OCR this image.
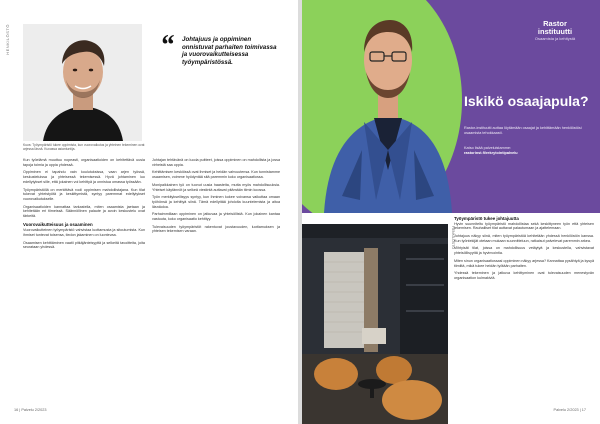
HENKILÖSTÖ	“ Johtajuus ja oppiminen onnistuvat parhaiten toimivassa ja vuorovaikutteisessa työympäristössä.
Kuva: Työympäristö tukee oppimista, kun vuorovaikutus ja yhteinen tekeminen ovat arjessa läsnä. Kuvassa asiantuntija.

Kun työelämä muuttuu nopeasti, organisaatioiden on kehitettävä uusia tapoja toimia ja oppia yhdessä.

Oppiminen ei tapahdu vain koulutuksissa, vaan arjen työssä, keskusteluissa ja yhteisessä tekemisessä. Hyvä johtaminen luo edellytykset sille, että jokainen voi kehittyä ja onnistua omassa työssään.

Työympäristöllä on merkittävä rooli oppimisen mahdollistajana. Kun tilat tukevat yhteistyötä ja keskittymistä, syntyy paremmat edellytykset vuorovaikutukselle.

Organisaatioiden kannattaa tarkastella, miten osaamista jaetaan ja kehitetään eri tiimeissä. Säännöllinen palaute ja avoin keskustelu ovat tärkeitä.

Vuorovaikutteisuus ja osaaminen

Vuorovaikutteinen työympäristö vahvistaa luottamusta ja sitoutumista. Kun ihmiset tuntevat toisensa, tiedon jakaminen on luontevaa.

Osaamisen kehittäminen vaatii pitkäjänteisyyttä ja selkeitä tavoitteita, joita seurataan yhdessä.

Johtajan tehtävänä on luoda puitteet, joissa oppiminen on mahdollista ja jossa virheistä saa oppia.

Kehittämisen keskiössä ovat ihmiset ja heidän vahvuutensa. Kun tunnistamme osaamisen, voimme hyödyntää sitä paremmin koko organisaatiossa.

Monipaikkainen työ on tuonut uusia haasteita, mutta myös mahdollisuuksia. Yhteiset käytännöt ja selkeä viestintä auttavat pitämään tiimin koossa.

Työn merkityksellisyys syntyy, kun ihminen kokee voivansa vaikuttaa omaan työhönsä ja kehittyä siinä. Tämä edellyttää johdolta kuuntelemista ja aitoa läsnäoloa.

Parhaimmillaan oppiminen on jatkuvaa ja yhteisöllistä. Kun jokainen kantaa vastuuta, koko organisaatio kehittyy.

Tulevaisuuden työympäristöt rakentuvat joustavuuden, luottamuksen ja yhteisen tekemisen varaan.

16 | Palvelu 2/2023
Rastor
instituutti
Osaamista ja kehitystä
Iskikö osaajapula?
Rastor-instituutti auttaa löytämään osaajat ja kehittämään henkilöstösi osaamista tehokkaasti.
Katso lisää palveluistamme:
rastorinst.fi/rekrytointipalvelu
HENKILÖSTÖ
Työympäristö tukee johtajuutta

Hyvin suunniteltu työympäristö mahdollistaa sekä keskittyneen työn että yhteisen tekemisen. Rauhalliset tilat auttavat palautumaan ja ajattelemaan.

Johtajuus näkyy siinä, miten työympäristöä kehitetään yhdessä henkilöstön kanssa. Kun työntekijät otetaan mukaan suunnitteluun, ratkaisut palvelevat paremmin arkea.

Viihtyisät tilat, joissa on mahdollisuus vetäytyä ja keskustella, vahvistavat yhteisöllisyyttä ja hyvinvointia.

Miten sinun organisaatiossasi oppiminen näkyy arjessa? Kannattaa pysähtyä ja kysyä tiimiltä, mikä tukee heidän työtään parhaiten.

Yhdessä tekeminen ja jatkuva kehittyminen ovat tulevaisuuden menestyvän organisaation kulmakiviä.

Palvelu 2/2023 | 17
